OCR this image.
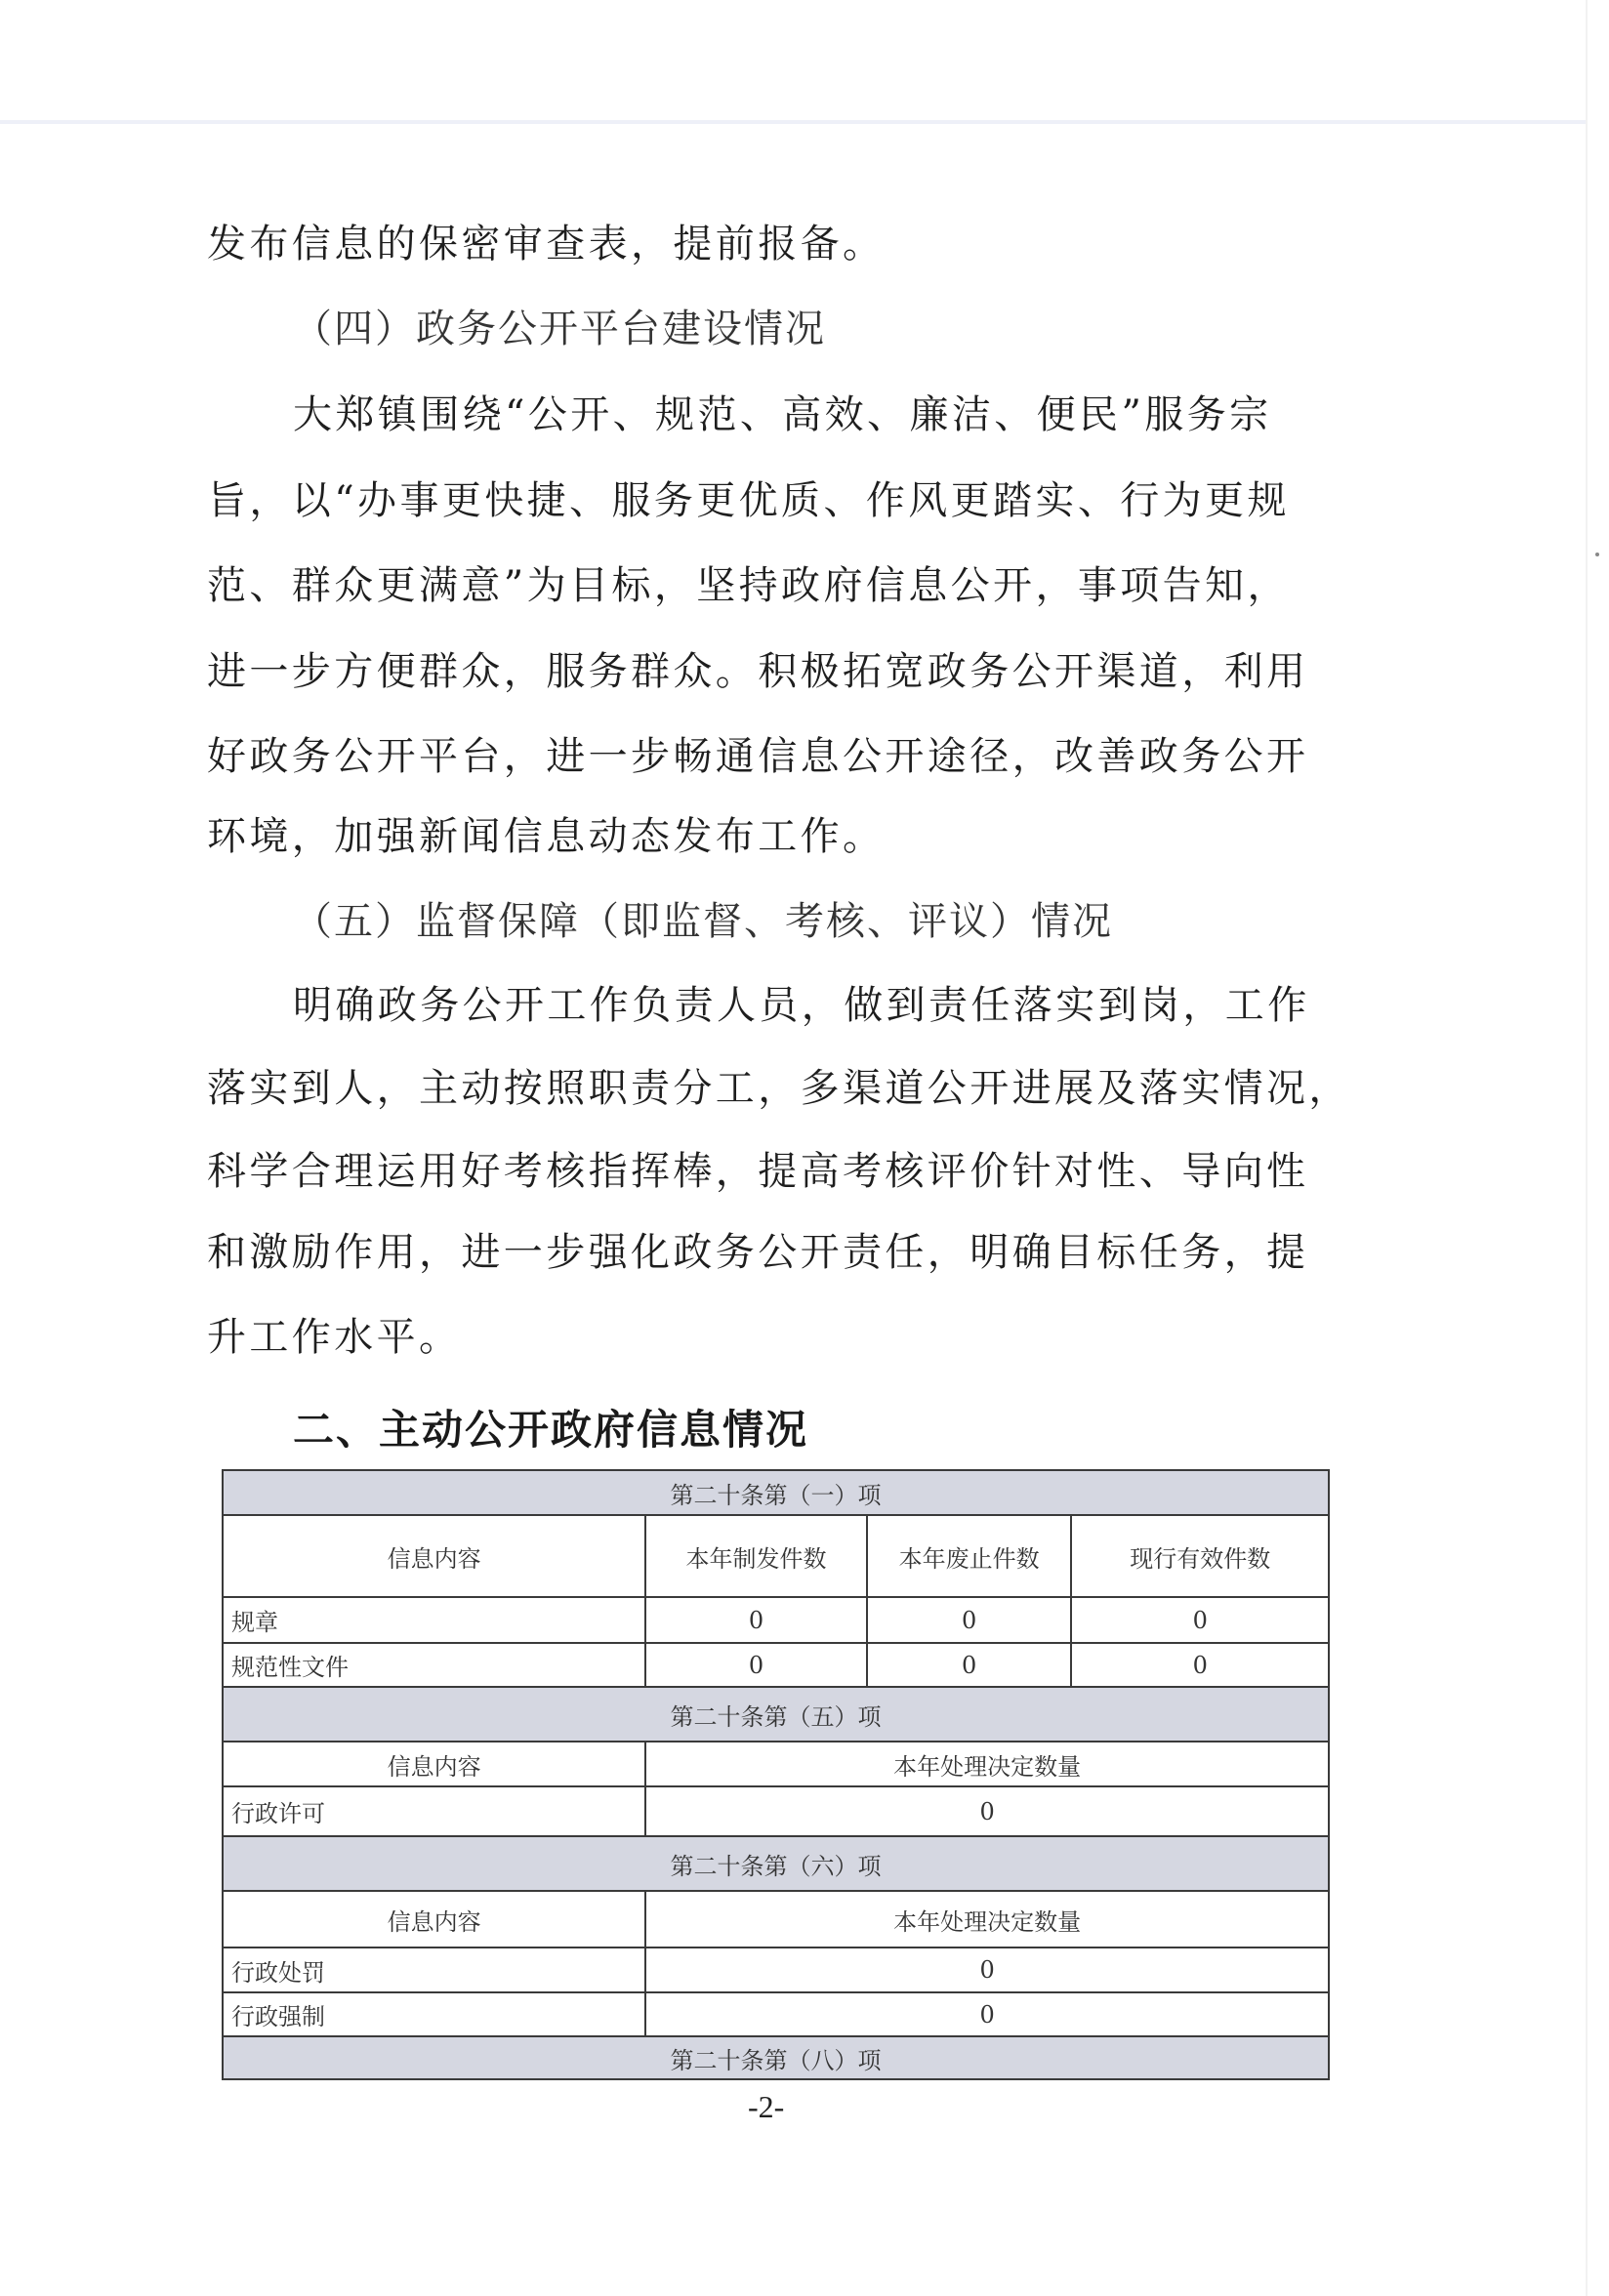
发布信息的保密审查表，提前报备。
（四）政务公开平台建设情况
大郑镇围绕“公开、规范、高效、廉洁、便民”服务宗
旨，以“办事更快捷、服务更优质、作风更踏实、行为更规
范、群众更满意”为目标，坚持政府信息公开，事项告知，
进一步方便群众，服务群众。积极拓宽政务公开渠道，利用
好政务公开平台，进一步畅通信息公开途径，改善政务公开
环境，加强新闻信息动态发布工作。
（五）监督保障（即监督、考核、评议）情况
明确政务公开工作负责人员，做到责任落实到岗，工作
落实到人，主动按照职责分工，多渠道公开进展及落实情况，
科学合理运用好考核指挥棒，提高考核评价针对性、导向性
和激励作用，进一步强化政务公开责任，明确目标任务，提
升工作水平。
二、主动公开政府信息情况
第二十条第（一）项			
信息内容	本年制发件数	本年废止件数	现行有效件数
规章	0	0	0
规范性文件	0	0	0
第二十条第（五）项			
信息内容	本年处理决定数量		
行政许可	0		
第二十条第（六）项			
信息内容	本年处理决定数量		
行政处罚	0		
行政强制	0		
第二十条第（八）项			
-2-
